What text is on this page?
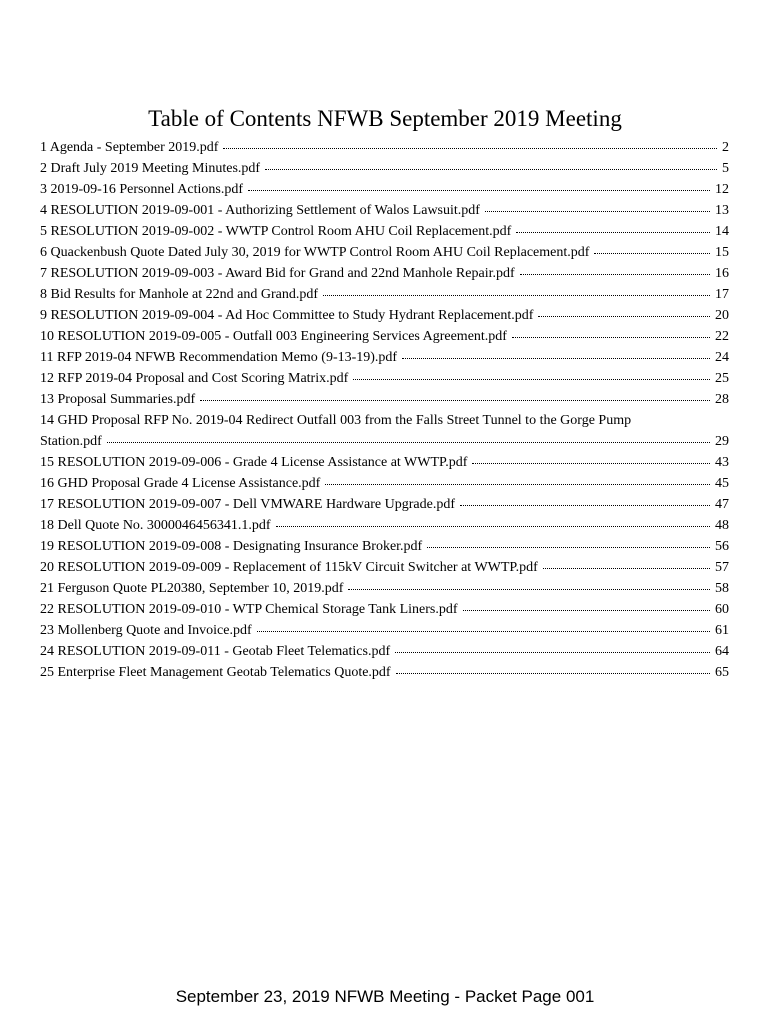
Table of Contents NFWB September 2019 Meeting
1 Agenda - September 2019.pdf	2
2 Draft July 2019 Meeting Minutes.pdf	5
3 2019-09-16 Personnel Actions.pdf	12
4 RESOLUTION 2019-09-001 - Authorizing Settlement of Walos Lawsuit.pdf	13
5 RESOLUTION 2019-09-002 - WWTP Control Room AHU Coil Replacement.pdf	14
6 Quackenbush Quote Dated July 30, 2019 for WWTP Control Room AHU Coil Replacement.pdf	15
7 RESOLUTION 2019-09-003 - Award Bid for Grand and 22nd Manhole Repair.pdf	16
8 Bid Results for Manhole at 22nd and Grand.pdf	17
9 RESOLUTION 2019-09-004 - Ad Hoc Committee to Study Hydrant Replacement.pdf	20
10 RESOLUTION 2019-09-005 - Outfall 003 Engineering Services Agreement.pdf	22
11 RFP 2019-04 NFWB Recommendation Memo (9-13-19).pdf	24
12 RFP 2019-04 Proposal and Cost Scoring Matrix.pdf	25
13 Proposal Summaries.pdf	28
14 GHD Proposal RFP No. 2019-04 Redirect Outfall 003 from the Falls Street Tunnel to the Gorge Pump
Station.pdf	29
15 RESOLUTION 2019-09-006 - Grade 4 License Assistance at WWTP.pdf	43
16 GHD Proposal Grade 4 License Assistance.pdf	45
17 RESOLUTION 2019-09-007 - Dell VMWARE Hardware Upgrade.pdf	47
18 Dell Quote No. 3000046456341.1.pdf	48
19 RESOLUTION 2019-09-008 - Designating Insurance Broker.pdf	56
20 RESOLUTION 2019-09-009 - Replacement of 115kV Circuit Switcher at WWTP.pdf	57
21 Ferguson Quote PL20380, September 10, 2019.pdf	58
22 RESOLUTION 2019-09-010 - WTP Chemical Storage Tank Liners.pdf	60
23 Mollenberg Quote and Invoice.pdf	61
24 RESOLUTION 2019-09-011 - Geotab Fleet Telematics.pdf	64
25 Enterprise Fleet Management Geotab Telematics Quote.pdf	65
September 23, 2019 NFWB Meeting - Packet Page 001
